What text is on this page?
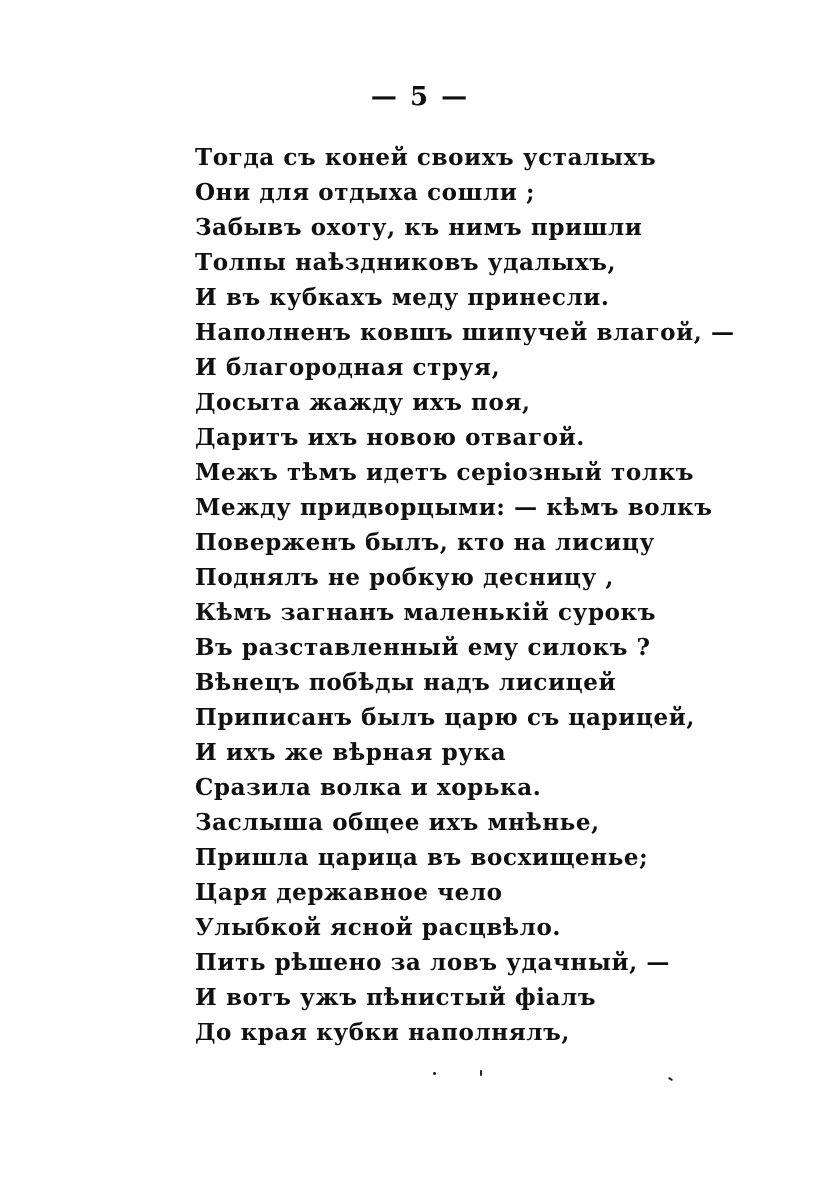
— 5 —
Тогда съ коней своихъ усталыхъ
Они для отдыха сошли ;
Забывъ охоту, къ нимъ пришли
Толпы наѣздниковъ удалыхъ,
И въ кубкахъ меду принесли.
Наполненъ ковшъ шипучей влагой, —
И благородная струя,
Досыта жажду ихъ поя,
Даритъ ихъ новою отвагой.
Межъ тѣмъ идетъ серіозный толкъ
Между придворцыми: — кѣмъ волкъ
Поверженъ былъ, кто на лисицу
Поднялъ не робкую десницу ,
Кѣмъ загнанъ маленькій сурокъ
Въ разставленный ему силокъ ?
Вѣнецъ побѣды надъ лисицей
Приписанъ былъ царю съ царицей,
И ихъ же вѣрная рука
Сразила волка и хорька.
Заслыша общее ихъ мнѣнье,
Пришла царица въ восхищенье;
Царя державное чело
Улыбкой ясной расцвѣло.
Пить рѣшено за ловъ удачный, —
И вотъ ужъ пѣнистый фіалъ
До края кубки наполнялъ,
